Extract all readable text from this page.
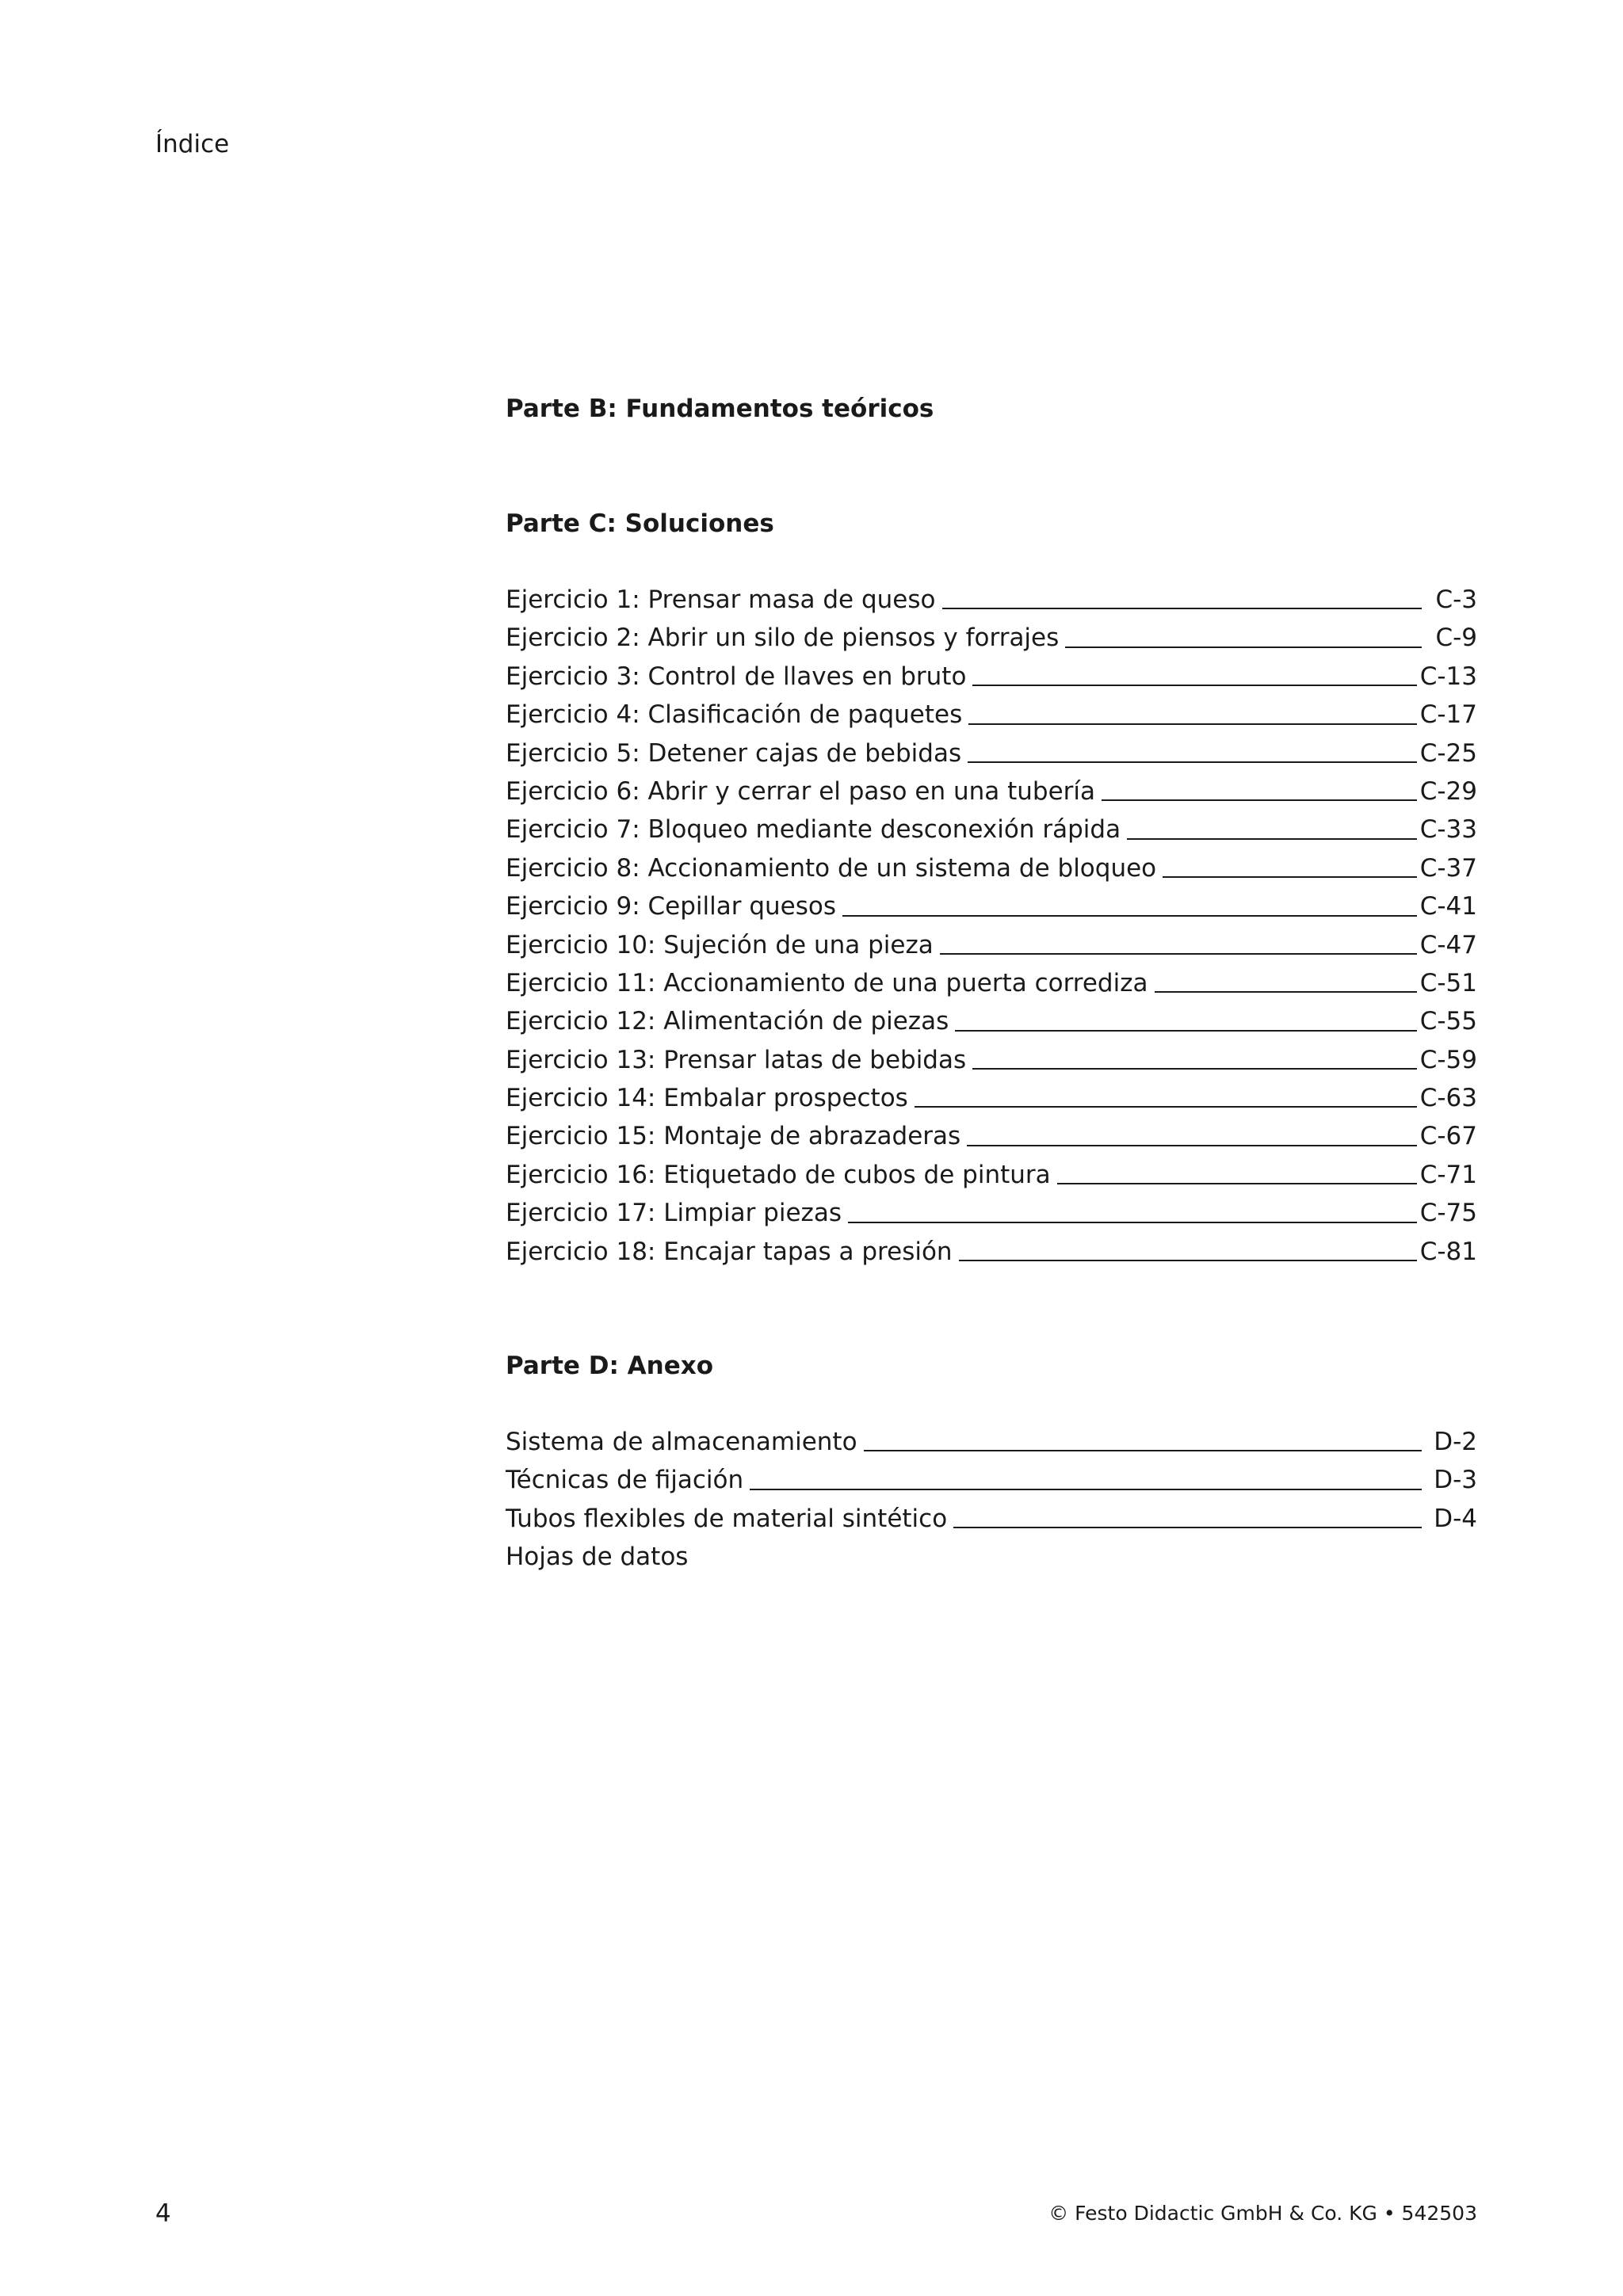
Índice
Parte B: Fundamentos teóricos
Parte C: Soluciones
Ejercicio 1: Prensar masa de queso	C-3
Ejercicio 2: Abrir un silo de piensos y forrajes	C-9
Ejercicio 3: Control de llaves en bruto	C-13
Ejercicio 4: Clasificación de paquetes	C-17
Ejercicio 5: Detener cajas de bebidas	C-25
Ejercicio 6: Abrir y cerrar el paso en una tubería	C-29
Ejercicio 7: Bloqueo mediante desconexión rápida	C-33
Ejercicio 8: Accionamiento de un sistema de bloqueo	C-37
Ejercicio 9: Cepillar quesos	C-41
Ejercicio 10: Sujeción de una pieza	C-47
Ejercicio 11: Accionamiento de una puerta corrediza	C-51
Ejercicio 12: Alimentación de piezas	C-55
Ejercicio 13: Prensar latas de bebidas	C-59
Ejercicio 14: Embalar prospectos	C-63
Ejercicio 15: Montaje de abrazaderas	C-67
Ejercicio 16: Etiquetado de cubos de pintura	C-71
Ejercicio 17: Limpiar piezas	C-75
Ejercicio 18: Encajar tapas a presión	C-81
Parte D: Anexo
Sistema de almacenamiento	D-2
Técnicas de fijación	D-3
Tubos flexibles de material sintético	D-4
Hojas de datos
4	© Festo Didactic GmbH & Co. KG • 542503
